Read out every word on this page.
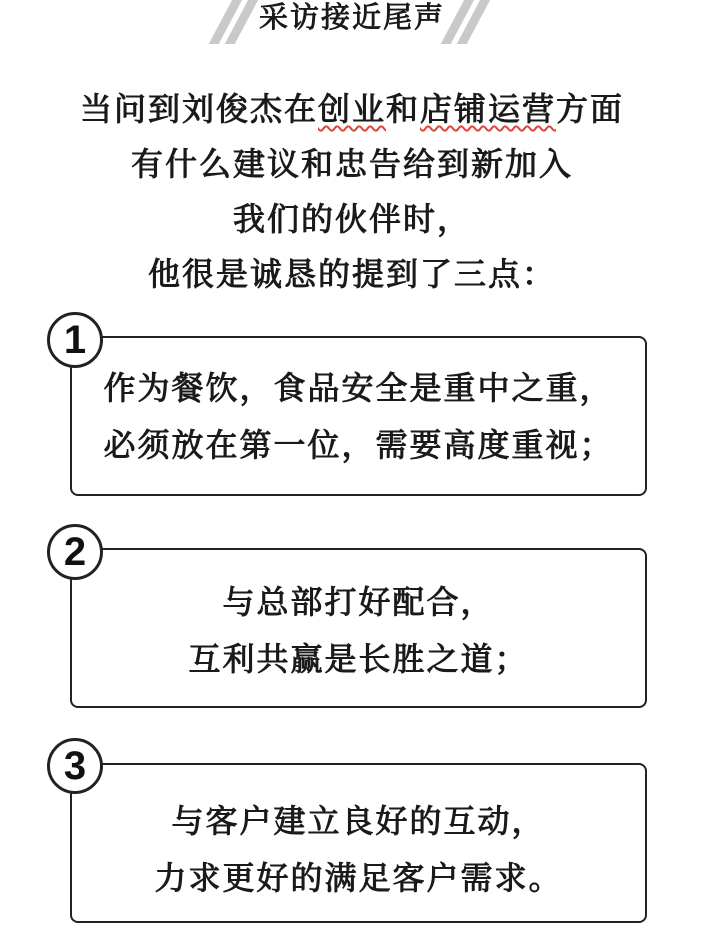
采访接近尾声
当问到刘俊杰在创业和店铺运营方面
有什么建议和忠告给到新加入
我们的伙伴时，
他很是诚恳的提到了三点：
1
作为餐饮，食品安全是重中之重，
必须放在第一位，需要高度重视；
2
与总部打好配合，
互利共赢是长胜之道；
3
与客户建立良好的互动，
力求更好的满足客户需求。
